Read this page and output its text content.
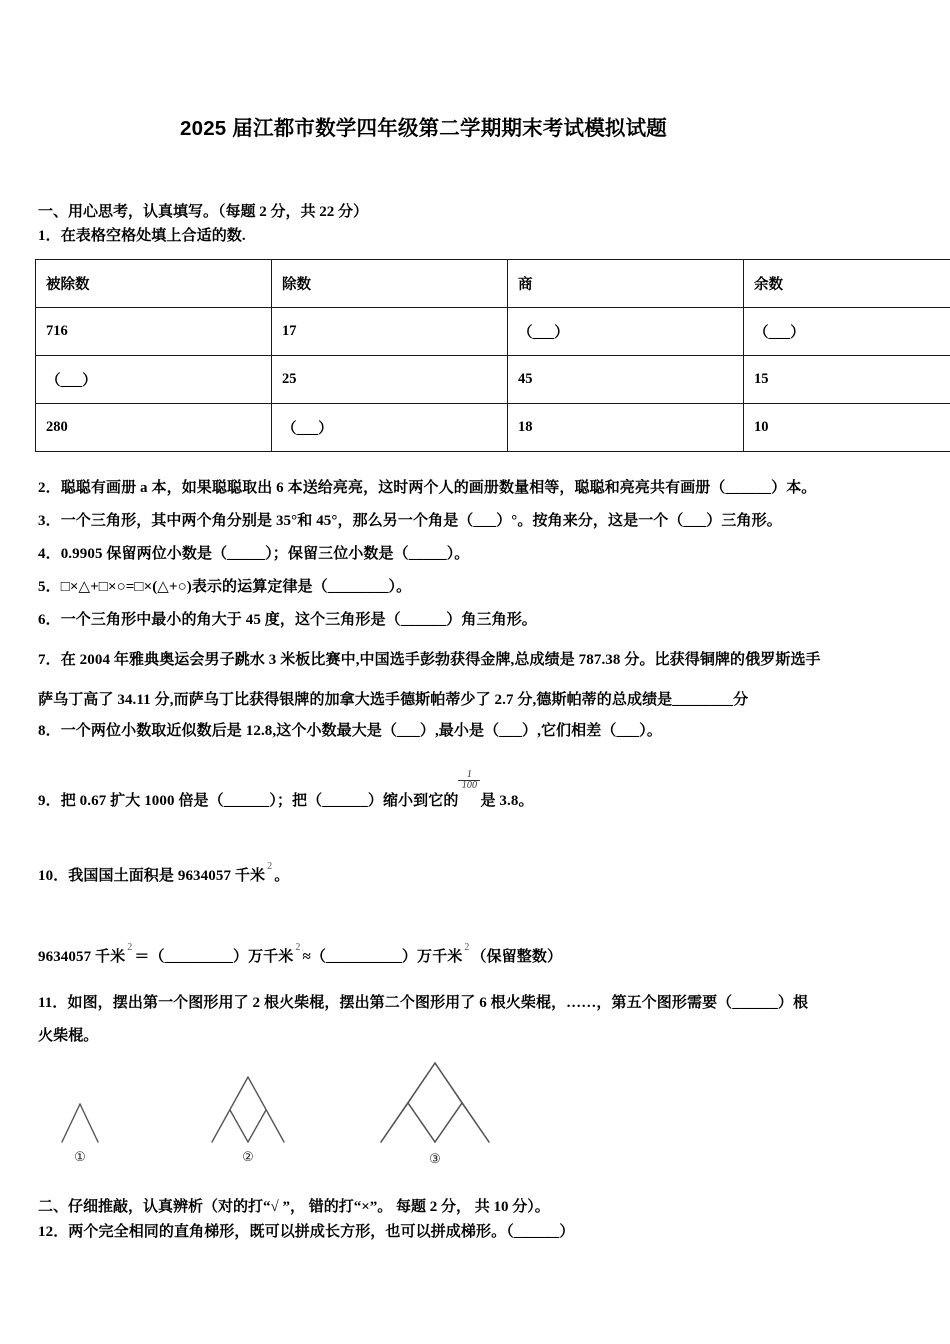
2025 届江都市数学四年级第二学期期末考试模拟试题
一、用心思考，认真填写。（每题 2 分，共 22 分）
1．在表格空格处填上合适的数.
被除数	除数	商	余数
716	17	（___）	（___）
（___）	25	45	15
280	（___）	18	10
2．聪聪有画册 a 本，如果聪聪取出 6 本送给亮亮，这时两个人的画册数量相等，聪聪和亮亮共有画册（______）本。
3．一个三角形，其中两个角分别是 35°和 45°，那么另一个角是（___）°。按角来分，这是一个（___）三角形。
4．0.9905 保留两位小数是（_____）；保留三位小数是（_____）。
5．□×△+□×○=□×(△+○)表示的运算定律是（________）。
6．一个三角形中最小的角大于 45 度，这个三角形是（______）角三角形。
7．在 2004 年雅典奥运会男子跳水 3 米板比赛中,中国选手彭勃获得金牌,总成绩是 787.38 分。比获得铜牌的俄罗斯选手
萨乌丁高了 34.11 分,而萨乌丁比获得银牌的加拿大选手德斯帕蒂少了 2.7 分,德斯帕蒂的总成绩是________分
8．一个两位小数取近似数后是 12.8,这个小数最大是（___）,最小是（___）,它们相差（___）。
9．把 0.67 扩大 1000 倍是（______）；把（______）缩小到它的
$\frac{1}{100}$
是 3.8。
10．我国国土面积是 9634057 千米$^2$。
9634057 千米$^2$＝（_________）万千米$^2$≈（__________）万千米$^2$（保留整数）
11．如图，摆出第一个图形用了 2 根火柴棍，摆出第二个图形用了 6 根火柴棍，……，第五个图形需要（______）根
火柴棍。
①	②	③
二、仔细推敲，认真辨析（对的打“√ ”， 错的打“×”。 每题 2 分， 共 10 分）。
12．两个完全相同的直角梯形，既可以拼成长方形，也可以拼成梯形。（______）
